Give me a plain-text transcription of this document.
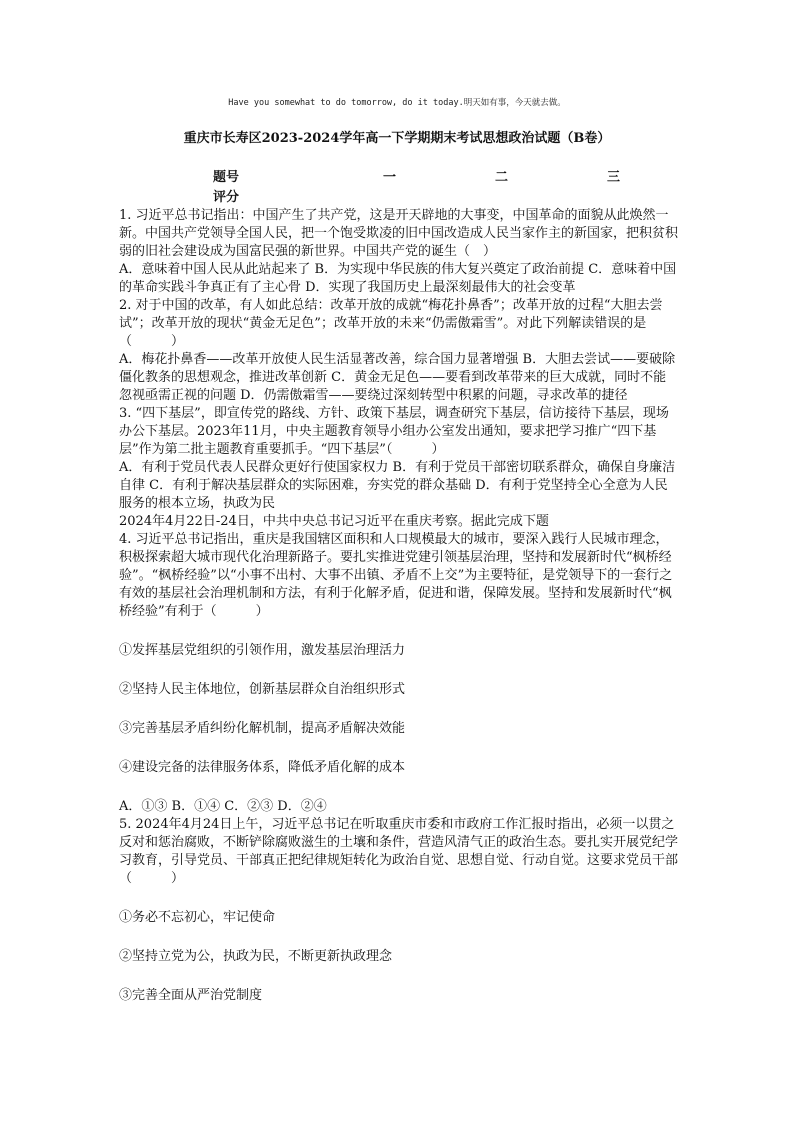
Have you somewhat to do tomorrow, do it today.明天如有事，今天就去做。
重庆市长寿区2023-2024学年高一下学期期末考试思想政治试题（B卷）
题号	一	二	三
评分

1. 习近平总书记指出：中国产生了共产党，这是开天辟地的大事变，中国革命的面貌从此焕然一新。中国共产党领导全国人民，把一个饱受欺凌的旧中国改造成人民当家作主的新国家，把积贫积弱的旧社会建设成为国富民强的新世界。中国共产党的诞生（　）

A．意味着中国人民从此站起来了 B．为实现中华民族的伟大复兴奠定了政治前提 C．意味着中国的革命实践斗争真正有了主心骨 D．实现了我国历史上最深刻最伟大的社会变革

2. 对于中国的改革，有人如此总结：改革开放的成就“梅花扑鼻香”；改革开放的过程“大胆去尝试”；改革开放的现状“黄金无足色”；改革开放的未来“仍需傲霜雪”。对此下列解读错误的是（　　　）

A．梅花扑鼻香——改革开放使人民生活显著改善，综合国力显著增强 B．大胆去尝试——要破除僵化教条的思想观念，推进改革创新 C．黄金无足色——要看到改革带来的巨大成就，同时不能忽视亟需正视的问题 D．仍需傲霜雪——要绕过深刻转型中积累的问题，寻求改革的捷径

3. “四下基层”，即宣传党的路线、方针、政策下基层，调查研究下基层，信访接待下基层，现场办公下基层。2023年11月，中央主题教育领导小组办公室发出通知，要求把学习推广“四下基层”作为第二批主题教育重要抓手。“四下基层”（　　　）

A．有利于党员代表人民群众更好行使国家权力 B．有利于党员干部密切联系群众，确保自身廉洁自律 C．有利于解决基层群众的实际困难，夯实党的群众基础 D．有利于党坚持全心全意为人民服务的根本立场，执政为民

2024年4月22日-24日，中共中央总书记习近平在重庆考察。据此完成下题

4. 习近平总书记指出，重庆是我国辖区面积和人口规模最大的城市，要深入践行人民城市理念，积极探索超大城市现代化治理新路子。要扎实推进党建引领基层治理，坚持和发展新时代“枫桥经验”。“枫桥经验”以“小事不出村、大事不出镇、矛盾不上交”为主要特征，是党领导下的一套行之有效的基层社会治理机制和方法，有利于化解矛盾，促进和谐，保障发展。坚持和发展新时代“枫桥经验”有利于（　　　）

①发挥基层党组织的引领作用，激发基层治理活力

②坚持人民主体地位，创新基层群众自治组织形式

③完善基层矛盾纠纷化解机制，提高矛盾解决效能

④建设完备的法律服务体系，降低矛盾化解的成本

A．①③ B．①④ C．②③ D．②④

5. 2024年4月24日上午，习近平总书记在听取重庆市委和市政府工作汇报时指出，必须一以贯之反对和惩治腐败，不断铲除腐败滋生的土壤和条件，营造风清气正的政治生态。要扎实开展党纪学习教育，引导党员、干部真正把纪律规矩转化为政治自觉、思想自觉、行动自觉。这要求党员干部（　　　）

①务必不忘初心，牢记使命

②坚持立党为公，执政为民，不断更新执政理念

③完善全面从严治党制度
